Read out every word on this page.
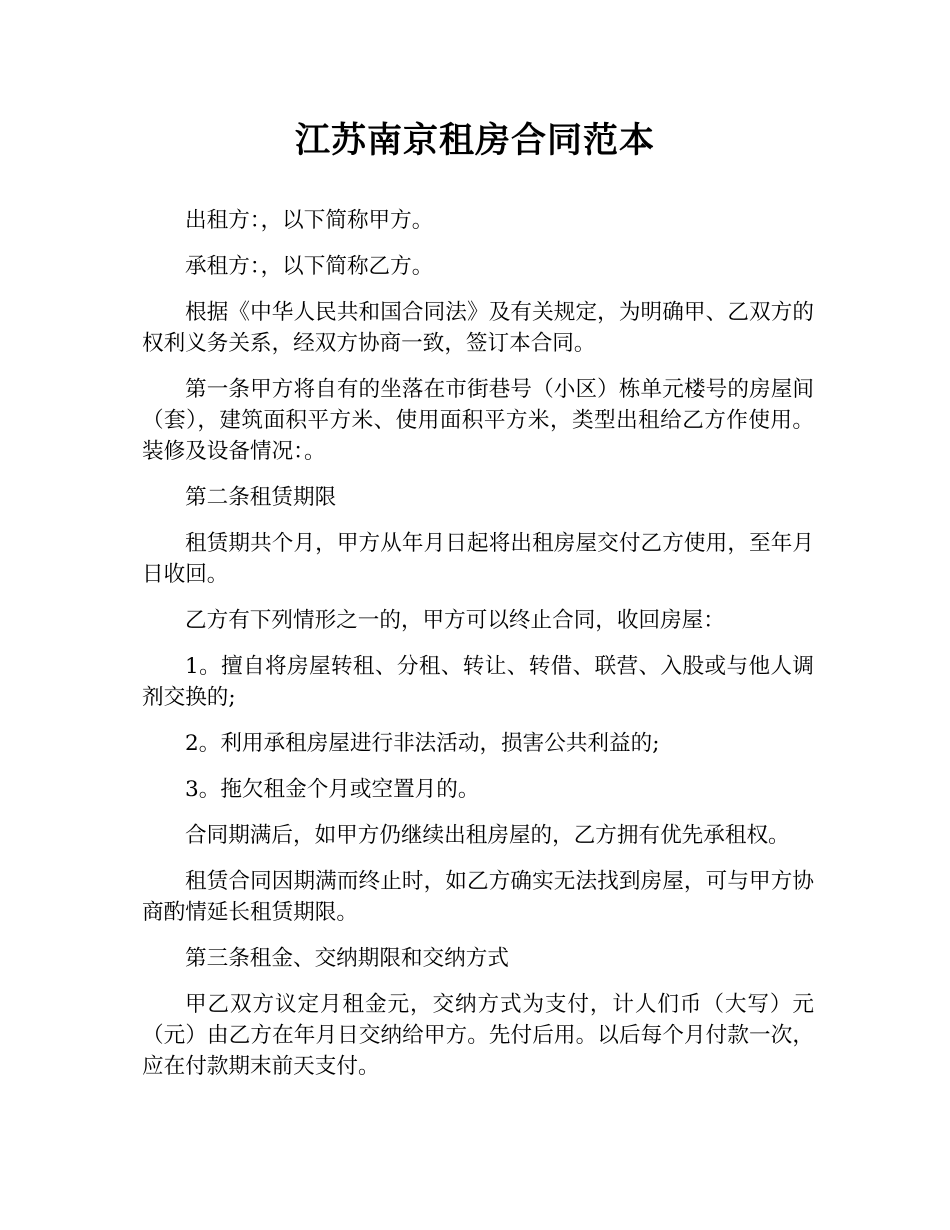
江苏南京租房合同范本

出租方：，以下简称甲方。

承租方：，以下简称乙方。

根据《中华人民共和国合同法》及有关规定，为明确甲、乙双方的权利义务关系，经双方协商一致，签订本合同。

第一条甲方将自有的坐落在市街巷号（小区）栋单元楼号的房屋间（套），建筑面积平方米、使用面积平方米，类型出租给乙方作使用。装修及设备情况：。

第二条租赁期限

租赁期共个月，甲方从年月日起将出租房屋交付乙方使用，至年月日收回。

乙方有下列情形之一的，甲方可以终止合同，收回房屋：

1。擅自将房屋转租、分租、转让、转借、联营、入股或与他人调剂交换的;

2。利用承租房屋进行非法活动，损害公共利益的;

3。拖欠租金个月或空置月的。

合同期满后，如甲方仍继续出租房屋的，乙方拥有优先承租权。

租赁合同因期满而终止时，如乙方确实无法找到房屋，可与甲方协商酌情延长租赁期限。

第三条租金、交纳期限和交纳方式

甲乙双方议定月租金元，交纳方式为支付，计人们币（大写）元（元）由乙方在年月日交纳给甲方。先付后用。以后每个月付款一次，应在付款期末前天支付。
